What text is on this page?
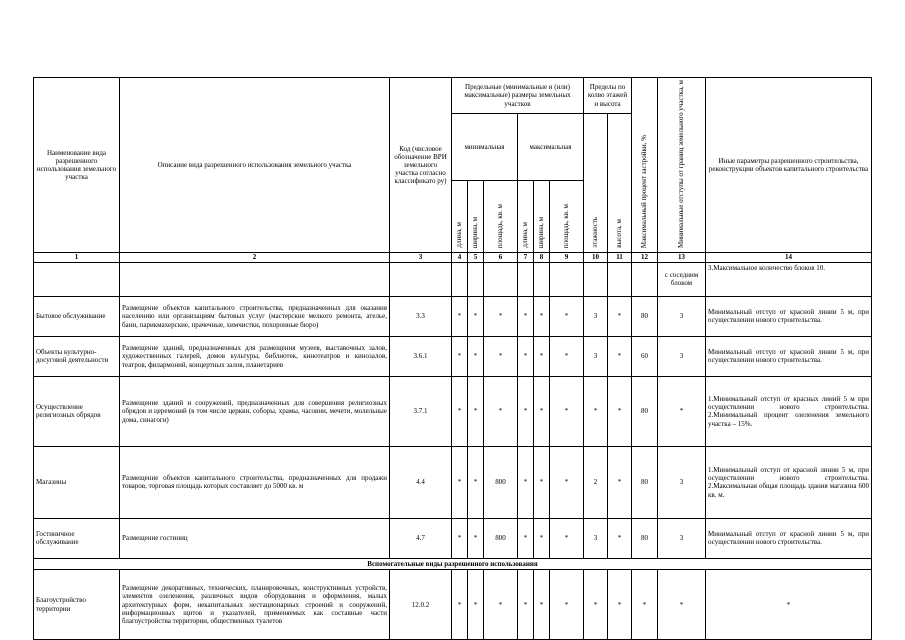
Наименование вида разрешенного использования земельного участка	Описание вида разрешенного использования земельного участка	Код (числовое обозначение ВРИ земельного участка согласно классификато ру)	Предельные (минимальные и (или) максимальные) размеры земельных участков						Пределы по колво этажей и высота		Максимальный процент застройки, %	Минимальные отступы от границ земельного участка, м	Иные параметры разрешенного строительства, реконструкции объектов капитального строительства
			минимальная			максимальная			этажность	высота, м			
			длина, м	ширина, м	площадь, кв. м	длина, м	ширина, м	площадь, кв. м					
1	2	3	4	5	6	7	8	9	10	11	12	13	14
												с соседним блоком	3.Максимальное количество блоков 10.
Бытовое обслуживание	Размещение объектов капитального строительства, предназначенных для оказания населению или организациям бытовых услуг (мастерские мелкого ремонта, ателье, бани, парикмахерские, прачечные, химчистки, похоронные бюро)	3.3	*	*	*	*	*	*	3	*	80	3	Минимальный отступ от красной линии 5 м, при осуществлении нового строительства.
Объекты культурно-досуговой деятельности	Размещение зданий, предназначенных для размещения музеев, выставочных залов, художественных галерей, домов культуры, библиотек, кинотеатров и кинозалов, театров, филармоний, концертных залов, планетариев	3.6.1	*	*	*	*	*	*	3	*	60	3	Минимальный отступ от красной линии 5 м, при осуществлении нового строительства.
Осуществление религиозных обрядов	Размещение зданий и сооружений, предназначенных для совершения религиозных обрядов и церемоний (в том числе церкви, соборы, храмы, часовни, мечети, молельные дома, синагоги)	3.7.1	*	*	*	*	*	*	*	*	80	*	1.Минимальный отступ от красных линий 5 м при осуществлении нового строительства. 2.Минимальный процент озеленения земельного участка – 15%.
Магазины	Размещение объектов капитального строительства, предназначенных для продажи товаров, торговая площадь которых составляет до 5000 кв. м	4.4	*	*	800	*	*	*	2	*	80	3	1.Минимальный отступ от красной линии 5 м, при осуществлении нового строительства. 2.Максимальная общая площадь здания магазина 600 кв. м.
Гостиничное обслуживание	Размещение гостиниц	4.7	*	*	800	*	*	*	3	*	80	3	Минимальный отступ от красной линии 5 м, при осуществлении нового строительства.
Вспомогательные виды разрешенного использования													
Благоустройство территории	Размещение декоративных, технических, планировочных, конструктивных устройств, элементов озеленения, различных видов оборудования и оформления, малых архитектурных форм, некапитальных нестационарных строений и сооружений, информационных щитов и указателей, применяемых как составные части благоустройства территории, общественных туалетов	12.0.2	*	*	*	*	*	*	*	*	*	*	*
